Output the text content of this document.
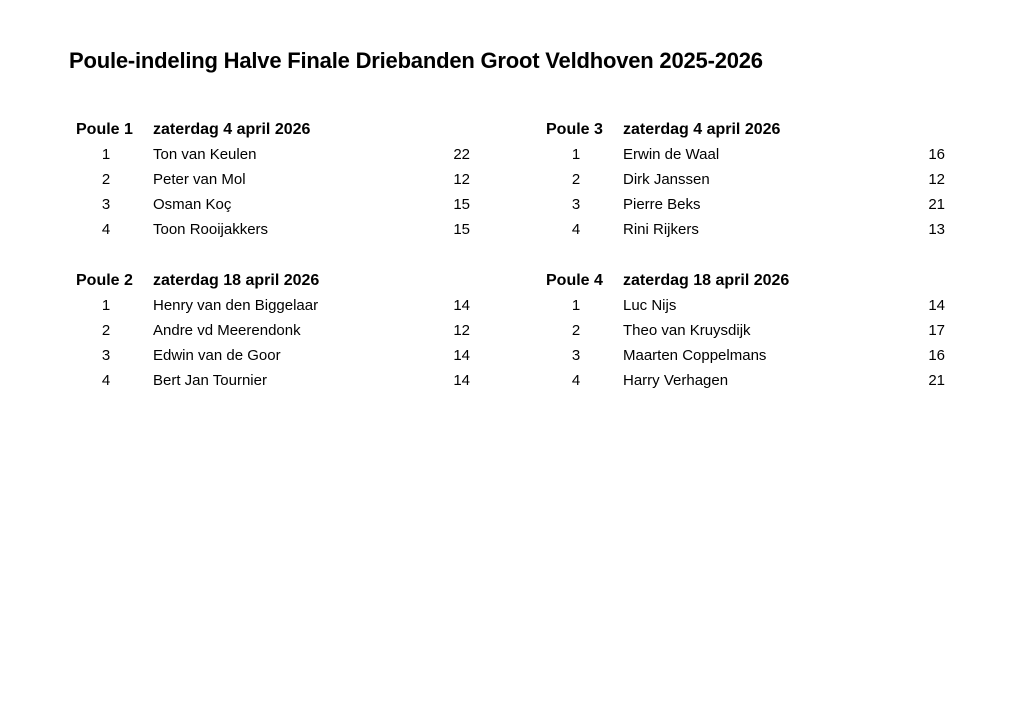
Poule-indeling Halve Finale Driebanden Groot Veldhoven 2025-2026
Poule 1 zaterdag 4 april 2026
1	Ton van Keulen	22
2	Peter van Mol	12
3	Osman Koç	15
4	Toon Rooijakkers	15
Poule 2 zaterdag 18 april 2026
1	Henry van den Biggelaar	14
2	Andre vd Meerendonk	12
3	Edwin van de Goor	14
4	Bert Jan Tournier	14
Poule 3 zaterdag 4 april 2026
1	Erwin de Waal	16
2	Dirk Janssen	12
3	Pierre Beks	21
4	Rini Rijkers	13
Poule 4 zaterdag 18 april 2026
1	Luc Nijs	14
2	Theo van Kruysdijk	17
3	Maarten Coppelmans	16
4	Harry Verhagen	21
